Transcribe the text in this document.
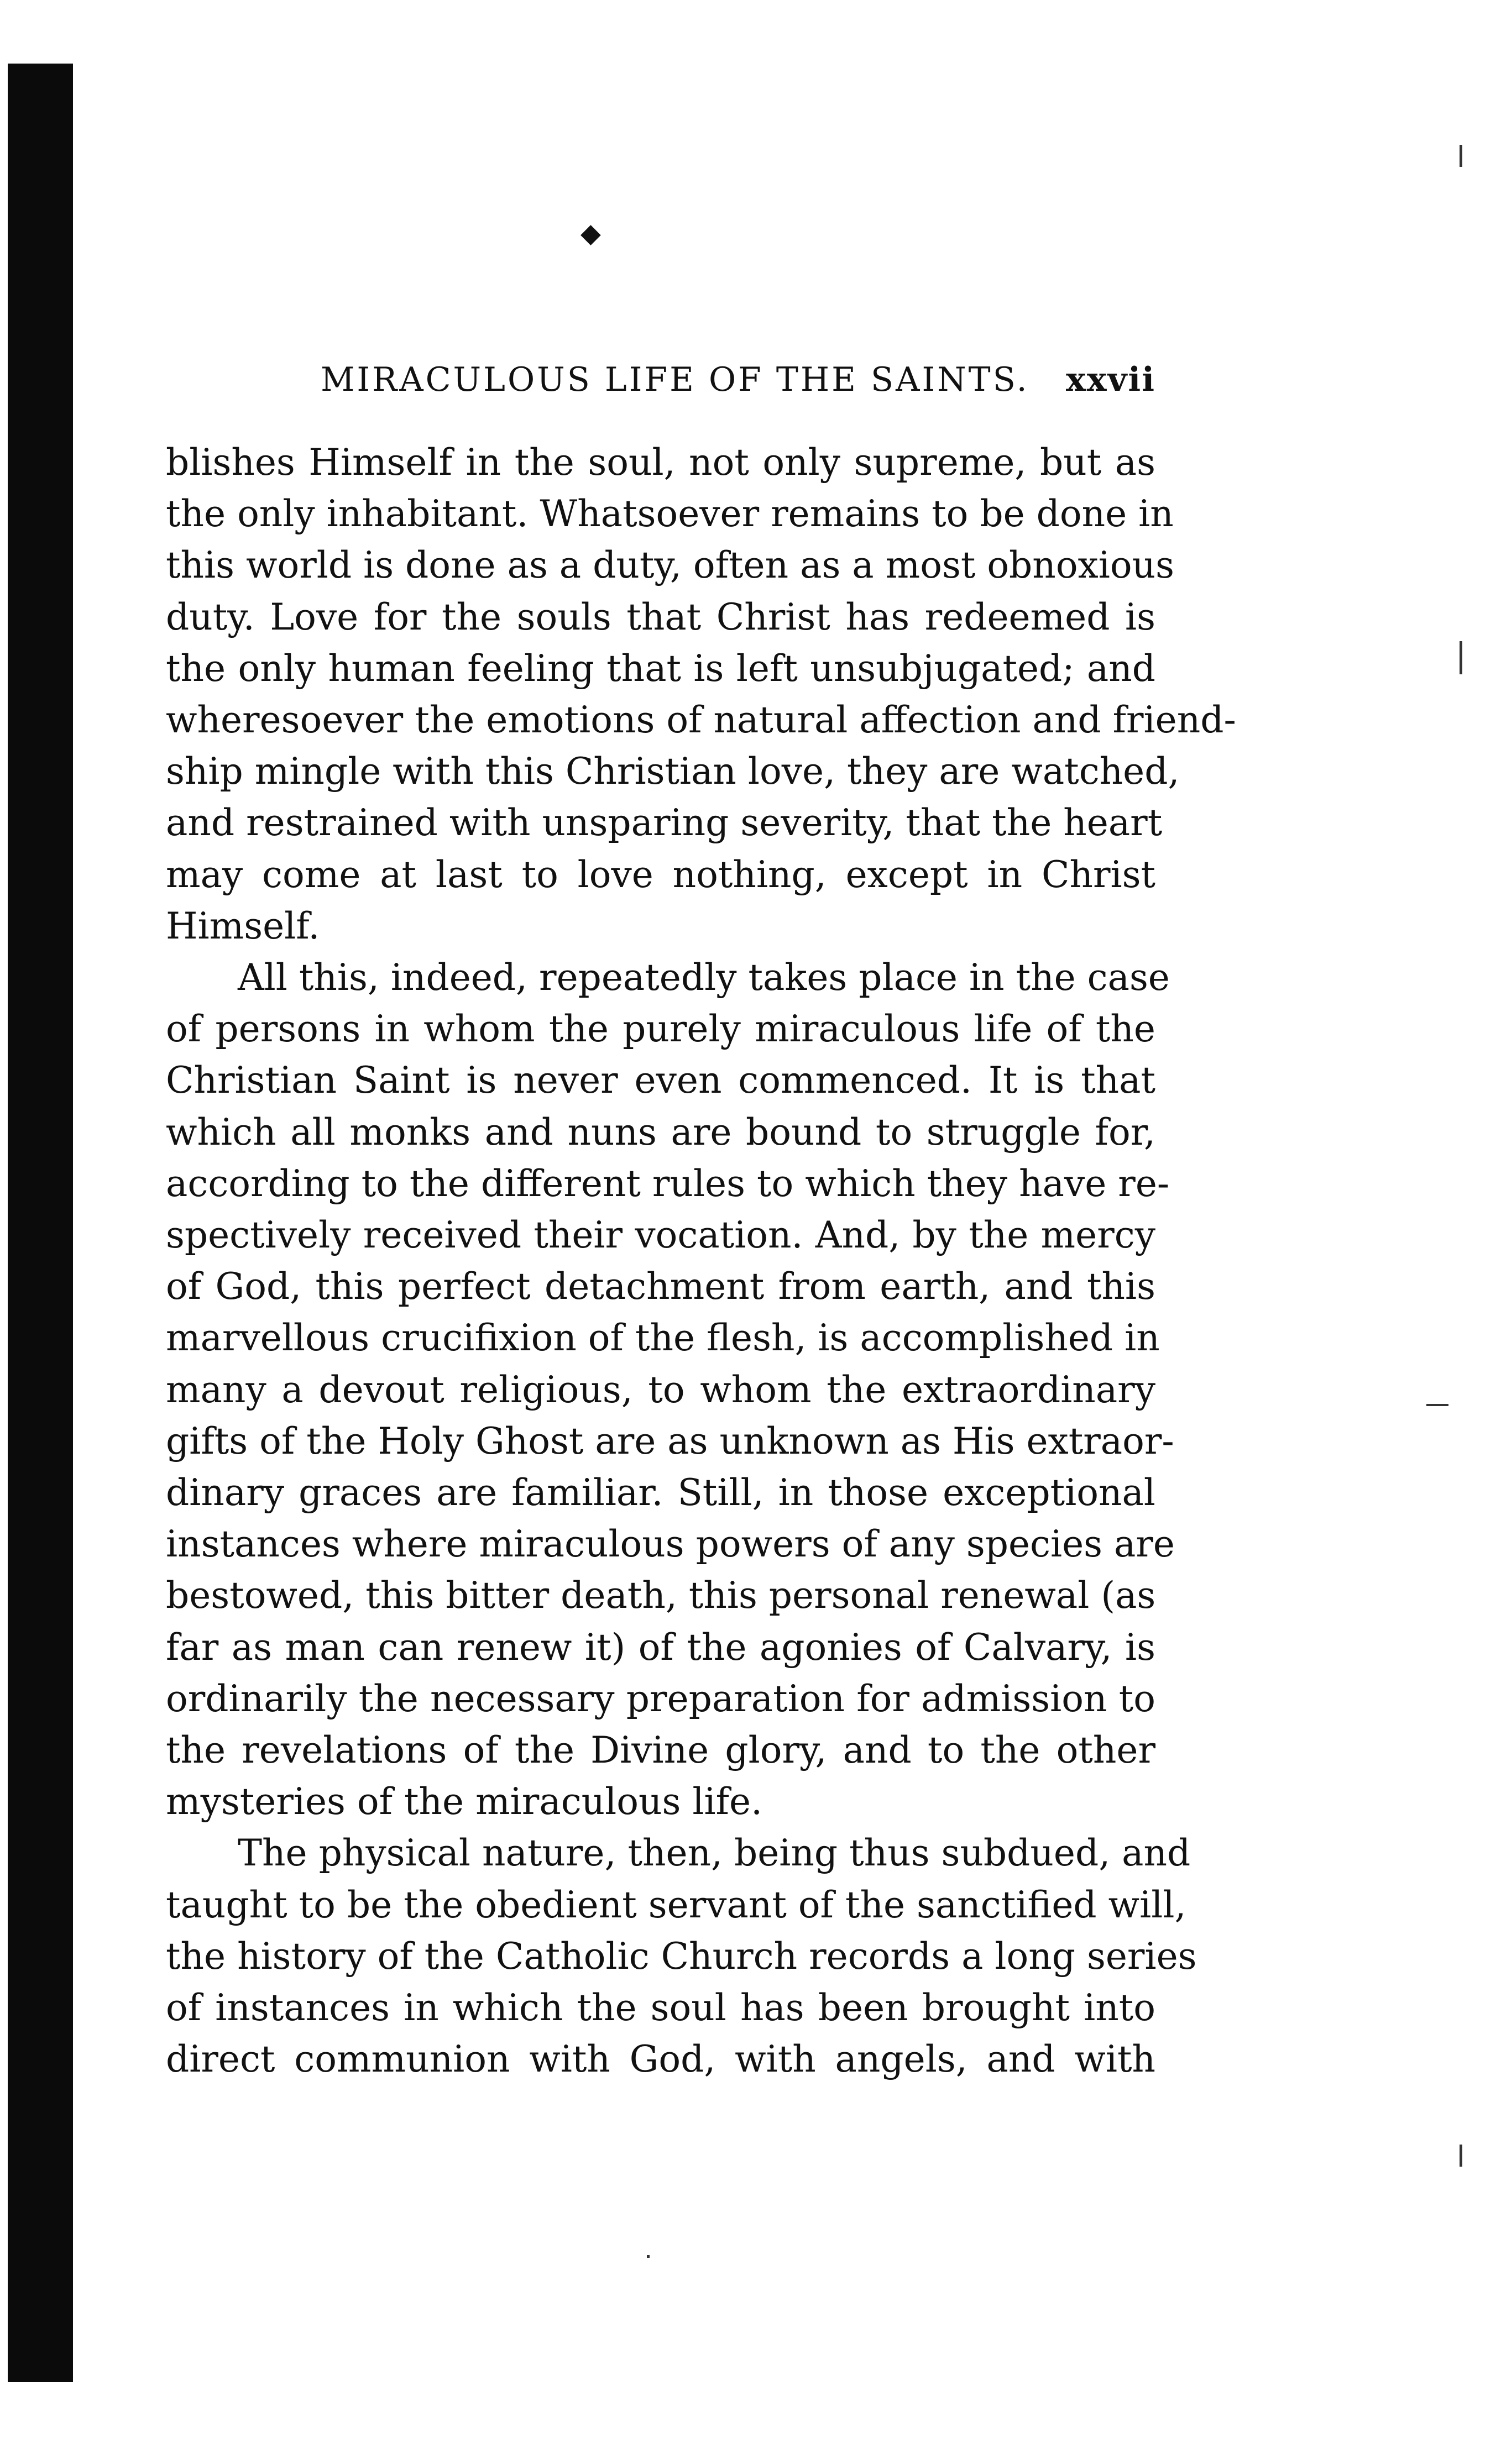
◆
MIRACULOUS LIFE OF THE SAINTS. xxvii

blishes Himself in the soul, not only supreme, but as
the only inhabitant. Whatsoever remains to be done in
this world is done as a duty, often as a most obnoxious
duty. Love for the souls that Christ has redeemed is
the only human feeling that is left unsubjugated; and
wheresoever the emotions of natural affection and friend-
ship mingle with this Christian love, they are watched,
and restrained with unsparing severity, that the heart
may come at last to love nothing, except in Christ
Himself.

All this, indeed, repeatedly takes place in the case
of persons in whom the purely miraculous life of the
Christian Saint is never even commenced. It is that
which all monks and nuns are bound to struggle for,
according to the different rules to which they have re-
spectively received their vocation. And, by the mercy
of God, this perfect detachment from earth, and this
marvellous crucifixion of the flesh, is accomplished in
many a devout religious, to whom the extraordinary
gifts of the Holy Ghost are as unknown as His extraor-
dinary graces are familiar. Still, in those exceptional
instances where miraculous powers of any species are
bestowed, this bitter death, this personal renewal (as
far as man can renew it) of the agonies of Calvary, is
ordinarily the necessary preparation for admission to
the revelations of the Divine glory, and to the other
mysteries of the miraculous life.

The physical nature, then, being thus subdued, and
taught to be the obedient servant of the sanctified will,
the history of the Catholic Church records a long series
of instances in which the soul has been brought into
direct communion with God, with angels, and with
